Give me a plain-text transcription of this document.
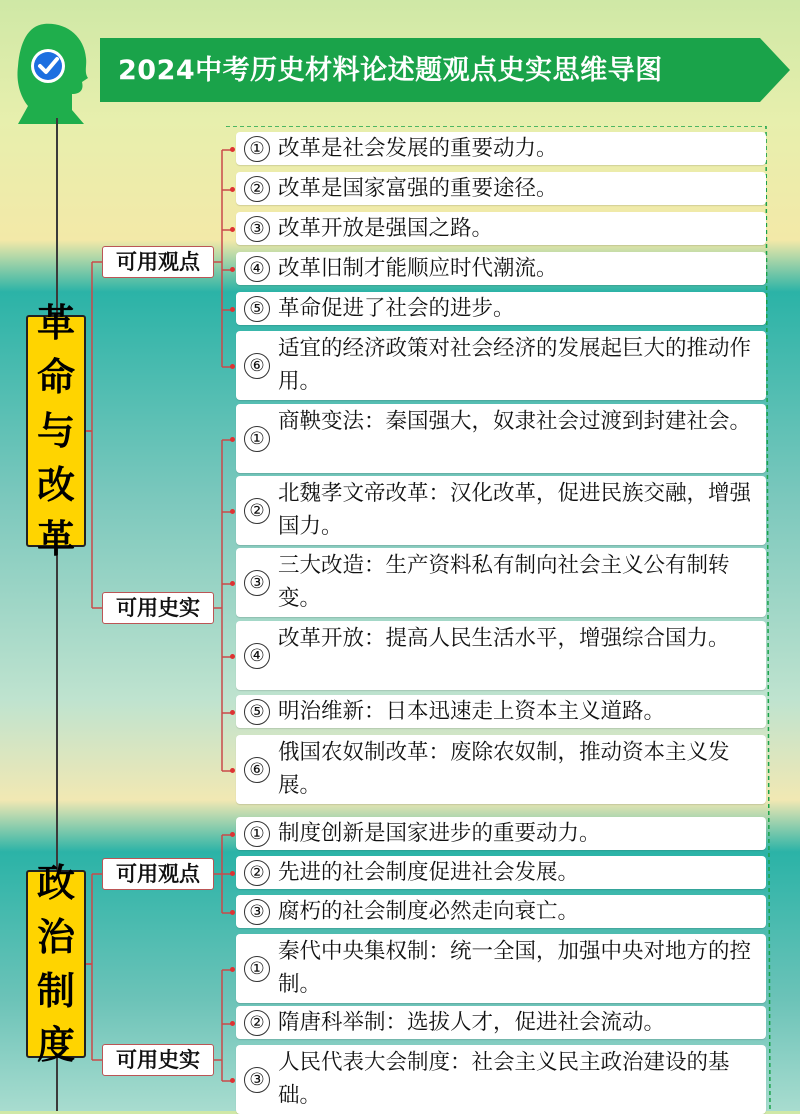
2024中考历史材料论述题观点史实思维导图
革
命
与
改
革
可用观点
① 改革是社会发展的重要动力。
② 改革是国家富强的重要途径。
③ 改革开放是强国之路。
④ 改革旧制才能顺应时代潮流。
⑤ 革命促进了社会的进步。
⑥
适宜的经济政策对社会经济的发展起巨大的推动作用。
可用史实
①
商鞅变法：秦国强大，奴隶社会过渡到封建社会。
②
北魏孝文帝改革：汉化改革，促进民族交融，增强国力。
③
三大改造：生产资料私有制向社会主义公有制转变。
④
改革开放：提高人民生活水平，增强综合国力。
⑤ 明治维新：日本迅速走上资本主义道路。
⑥
俄国农奴制改革：废除农奴制，推动资本主义发展。
政
治
制
度
可用观点
① 制度创新是国家进步的重要动力。
② 先进的社会制度促进社会发展。
③ 腐朽的社会制度必然走向衰亡。
可用史实
①
秦代中央集权制：统一全国，加强中央对地方的控制。
② 隋唐科举制：选拔人才，促进社会流动。
③
人民代表大会制度：社会主义民主政治建设的基础。
